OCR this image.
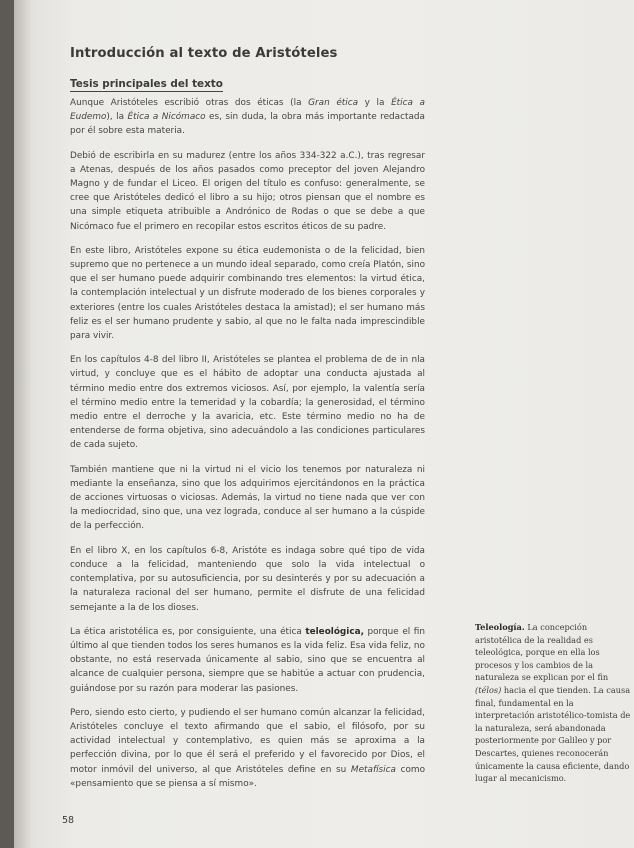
Introducción al texto de Aristóteles
Tesis principales del texto

Aunque Aristóteles escribió otras dos éticas (la Gran ética y la Ética a Eudemo), la Ética a Nicómaco es, sin duda, la obra más importante redactada por él sobre esta materia.

Debió de escribirla en su madurez (entre los años 334-322 a.C.), tras regresar a Atenas, después de los años pasados como preceptor del joven Alejandro Magno y de fundar el Liceo. El origen del título es confuso: generalmente, se cree que Aristóteles dedicó el libro a su hijo; otros piensan que el nombre es una simple etiqueta atribuible a Andrónico de Rodas o que se debe a que Nicómaco fue el primero en recopilar estos escritos éticos de su padre.

En este libro, Aristóteles expone su ética eudemonista o de la felicidad, bien supremo que no pertenece a un mundo ideal separado, como creía Platón, sino que el ser humano puede adquirir combinando tres elementos: la virtud ética, la contemplación intelectual y un disfrute moderado de los bienes corporales y exteriores (entre los cuales Aristóteles destaca la amistad); el ser humano más feliz es el ser humano prudente y sabio, al que no le falta nada imprescindible para vivir.

En los capítulos 4-8 del libro II, Aristóteles se plantea el problema de de in nla virtud, y concluye que es el hábito de adoptar una conducta ajustada al término medio entre dos extremos viciosos. Así, por ejemplo, la valentía sería el término medio entre la temeridad y la cobardía; la generosidad, el término medio entre el derroche y la avaricia, etc. Este término medio no ha de entenderse de forma objetiva, sino adecuándolo a las condiciones particulares de cada sujeto.

También mantiene que ni la virtud ni el vicio los tenemos por naturaleza ni mediante la enseñanza, sino que los adquirimos ejercitándonos en la práctica de acciones virtuosas o viciosas. Además, la virtud no tiene nada que ver con la mediocridad, sino que, una vez lograda, conduce al ser humano a la cúspide de la perfección.

En el libro X, en los capítulos 6-8, Aristóte es indaga sobre qué tipo de vida conduce a la felicidad, manteniendo que solo la vida intelectual o contemplativa, por su autosuficiencia, por su desinterés y por su adecuación a la naturaleza racional del ser humano, permite el disfrute de una felicidad semejante a la de los dioses.

La ética aristotélica es, por consiguiente, una ética teleológica, porque el fin último al que tienden todos los seres humanos es la vida feliz. Esa vida feliz, no obstante, no está reservada únicamente al sabio, sino que se encuentra al alcance de cualquier persona, siempre que se habitúe a actuar con prudencia, guiándose por su razón para moderar las pasiones.

Pero, siendo esto cierto, y pudiendo el ser humano común alcanzar la felicidad, Aristóteles concluye el texto afirmando que el sabio, el filósofo, por su actividad intelectual y contemplativo, es quien más se aproxima a la perfección divina, por lo que él será el preferido y el favorecido por Dios, el motor inmóvil del universo, al que Aristóteles define en su Metafísica como «pensamiento que se piensa a sí mismo».

Teleología. La concepción aristotélica de la realidad es teleológica, porque en ella los procesos y los cambios de la naturaleza se explican por el fin (télos) hacia el que tienden. La causa final, fundamental en la interpretación aristotélico-tomista de la naturaleza, será abandonada posteriormente por Galileo y por Descartes, quienes reconocerán únicamente la causa eficiente, dando lugar al mecanicismo.
58
